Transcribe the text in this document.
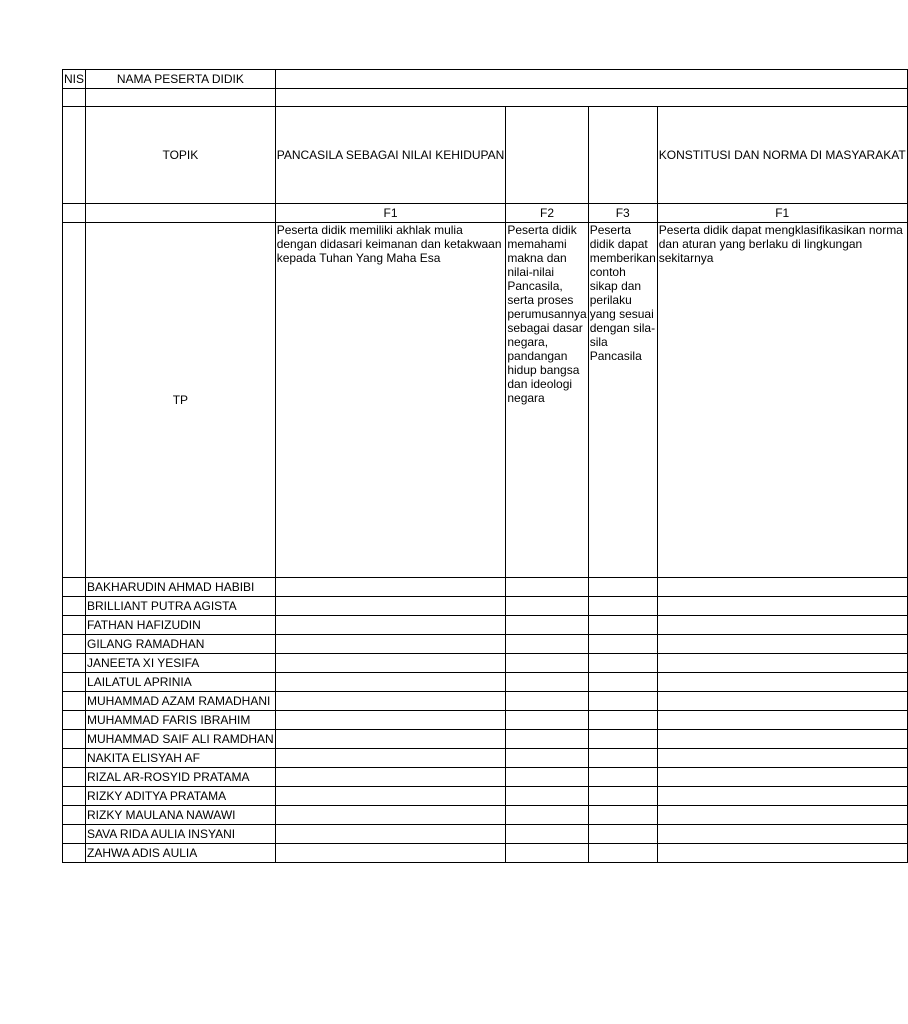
NIS	NAMA PESERTA DIDIK				

	TOPIK	PANCASILA SEBAGAI NILAI KEHIDUPAN			KONSTITUSI DAN NORMA DI MASYARAKAT
		F1	F2	F3	F1
	TP	Peserta didik memiliki akhlak mulia dengan didasari keimanan dan ketakwaan kepada Tuhan Yang Maha Esa	Peserta didik memahami makna dan nilai-nilai Pancasila, serta proses perumusannya sebagai dasar negara, pandangan hidup bangsa dan ideologi negara	Peserta didik dapat memberikan contoh sikap dan perilaku yang sesuai dengan sila-sila Pancasila	Peserta didik dapat mengklasifikasikan norma dan aturan yang berlaku di lingkungan sekitarnya
	BAKHARUDIN AHMAD HABIBI				
	BRILLIANT PUTRA AGISTA				
	FATHAN HAFIZUDIN				
	GILANG RAMADHAN				
	JANEETA XI YESIFA				
	LAILATUL APRINIA				
	MUHAMMAD AZAM RAMADHANI				
	MUHAMMAD FARIS IBRAHIM				
	MUHAMMAD SAIF ALI RAMDHAN				
	NAKITA ELISYAH AF				
	RIZAL AR-ROSYID PRATAMA				
	RIZKY ADITYA PRATAMA				
	RIZKY MAULANA NAWAWI				
	SAVA RIDA AULIA INSYANI				
	ZAHWA ADIS AULIA				
